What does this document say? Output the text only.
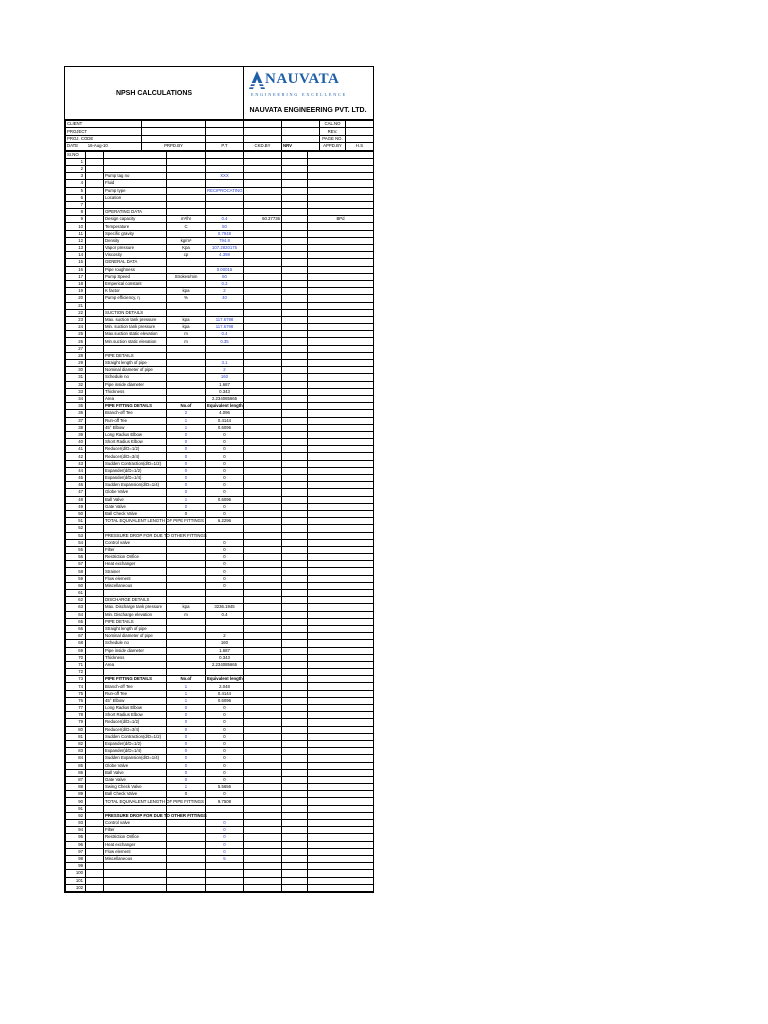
NPSH CALCULATIONS
NAUVATA
ENGINEERING EXCELLENCE
NAUVATA ENGINEERING PVT. LTD.
CLIENT					CAL.NO	
PROJECT					REV.	
PROJ. CODE					PAGE NO.	
DATE 16-Aug-10	PRPD.BY	P.T	CKD.BY	NRV	APPD.BY	H.S
Sr.NO							
1							
2							
3		Pump tag no		XXX			
4		Fluid					
5		Pump type		RECIPROCATING			
6		Location					
7							
8		OPERATING DATA					
9		Design capacity	m³/hr	0.4	60.37736		BPd
10		Temperature	C	50			
11		Specific gravity		0.7948			
12		Density	kg/m³	794.8			
13		Vapor pressure	Kpa	107.2820175			
14		Viscosity	cp	4.398			
15		GENERAL DATA					
16		Pipe roughness		0.00015			
17		Pump Speed	Strokes/min	60			
18		Emperical constant		0.2			
19		K factor	kpa	2			
20		Pump efficiency, η	%	40			
21							
22		SUCTION DETAILS					
23		Max. suction tank pressure	kpa	117.6798			
24		Min. suction tank pressure	kpa	117.6798			
25		Max.suction static elevation	m	0.4			
26		Min.suction static elevation	m	0.35			
27							
28		PIPE DETAILS					
29		Straight length of pipe		3.1			
30		Nominal diameter of pipe		2			
31		Schedule no		160			
32		Pipe inside diameter		1.687			
33		Thickness		0.343			
34		Area		2.234085665			
35		PIPE FITTING DETAILS	No.of	Equivalent length			
36		Branch-off Tee	2	4.096			
37		Run-off Tee	1	0.4144			
38		45° Elbow	1	0.6096			
39		Long Radius Elbow	0	0			
40		Short Radius Elbow	0	0			
41		Reducer(d/D=1/2)	0	0			
42		Reducer(d/D=3/4)	0	0			
43		Sudden Contraction(d/D=1/2)	0	0			
44		Expander(d/D=1/2)	0	0			
45		Expander(d/D=1/4)	0	0			
46		Sudden Expansion(d/D=1/4)	0	0			
47		Globe Valve	0	0			
48		Ball Valve	1	0.6096			
49		Gate Valve	0	0			
50		Ball Check Valve	0	0			
51		TOTAL EQUIVALENT LENGTH OF PIPE FITTINGS		6.2296			
52							
53		PRESSURE DROP FOR DUE TO OTHER FITTINGS					
54		Control valve		0			
55		Filter		0			
56		Restriction Orifice		0			
57		Heat exchanger		0			
58		Strainer		0			
59		Flow element		0			
60		Miscellaneous		0			
61							
62		DISCHARGE DETAILS					
63		Max. Discharge tank pressure	kpa	3236.1945			
64		Min. Discharge elevation	m	0.4			
65		PIPE DETAILS					
66		Straight length of pipe					
67		Nominal diameter of pipe		2			
68		Schedule no		160			
69		Pipe inside diameter		1.687			
70		Thickness		0.343			
71		Area		2.234085665			
72							
73		PIPE FITTING DETAILS	No.of	Equivalent length			
74		Branch-off Tee	1	2.048			
75		Run-off Tee	1	0.4144			
76		45° Elbow	1	0.6096			
77		Long Radius Elbow	0	0			
78		Short Radius Elbow	0	0			
79		Reducer(d/D=1/2)	0	0			
80		Reducer(d/D=3/4)	0	0			
81		Sudden Contraction(d/D=1/2)	0	0			
82		Expander(d/D=1/2)	0	0			
83		Expander(d/D=1/4)	0	0			
84		Sudden Expansion(d/D=1/4)	0	0			
85		Globe Valve	0	0			
86		Ball Valve	0	0			
87		Gate Valve	0	0			
88		Swing Check Valve	1	5.5656			
89		Ball Check Valve	0	0			
90		TOTAL EQUIVALENT LENGTH OF PIPE FITTINGS		9.7508			
91							
92		PRESSURE DROP FOR DUE TO OTHER FITTINGS					
93		Control valve		0			
94		Filter		0			
95		Restriction Orifice		0			
96		Heat exchanger		0			
97		Flow element		0			
98		Miscellaneous		5			
99							
100							
101							
102							
